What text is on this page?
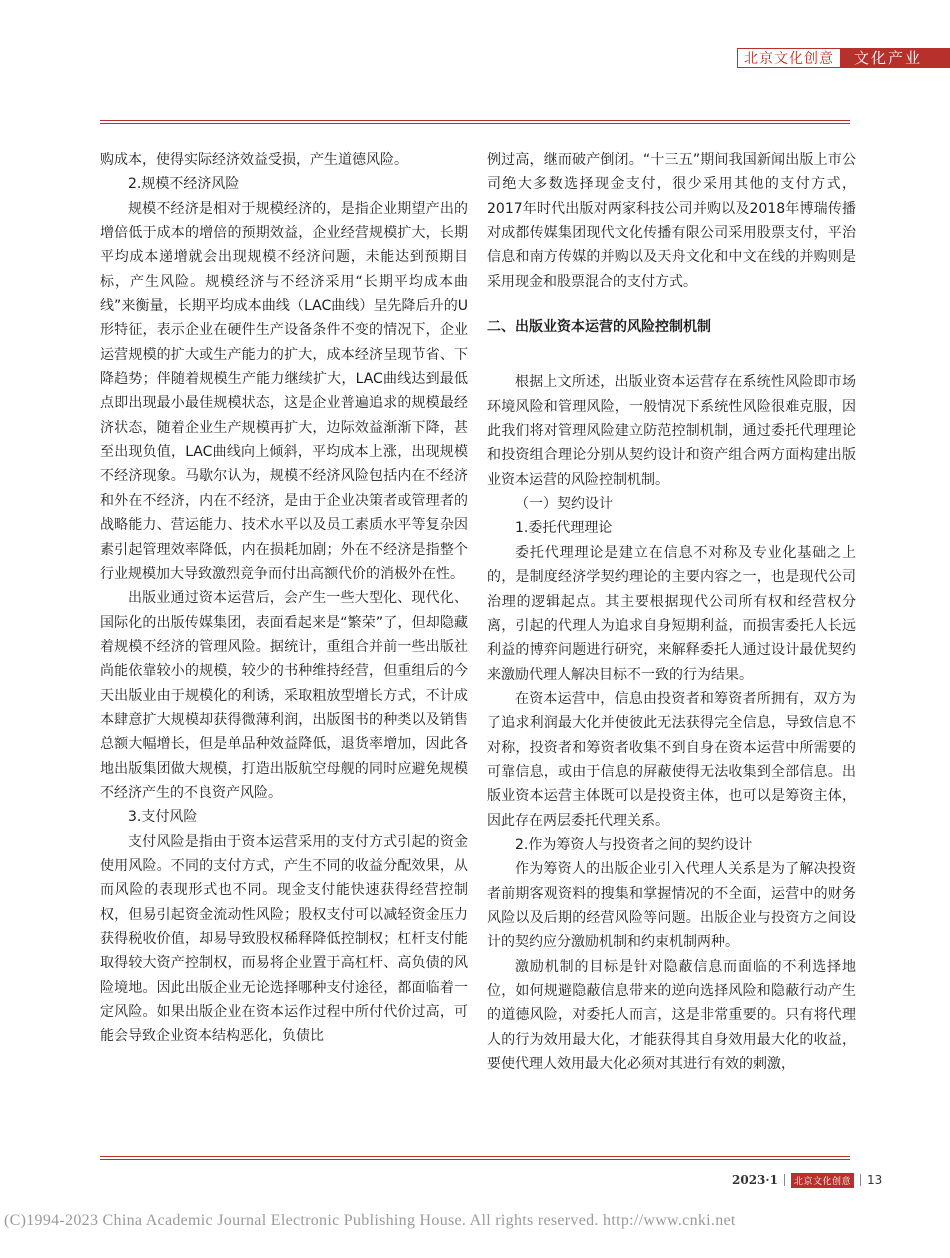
北京文化创意	文化产业

购成本，使得实际经济效益受损，产生道德风险。

2.规模不经济风险

规模不经济是相对于规模经济的，是指企业期望产出的增倍低于成本的增倍的预期效益，企业经营规模扩大，长期平均成本递增就会出现规模不经济问题，未能达到预期目标，产生风险。规模经济与不经济采用“长期平均成本曲线”来衡量，长期平均成本曲线（LAC曲线）呈先降后升的U形特征，表示企业在硬件生产设备条件不变的情况下，企业运营规模的扩大或生产能力的扩大，成本经济呈现节省、下降趋势；伴随着规模生产能力继续扩大，LAC曲线达到最低点即出现最小最佳规模状态，这是企业普遍追求的规模最经济状态，随着企业生产规模再扩大，边际效益渐渐下降，甚至出现负值，LAC曲线向上倾斜，平均成本上涨，出现规模不经济现象。马歇尔认为，规模不经济风险包括内在不经济和外在不经济，内在不经济，是由于企业决策者或管理者的战略能力、营运能力、技术水平以及员工素质水平等复杂因素引起管理效率降低，内在损耗加剧；外在不经济是指整个行业规模加大导致激烈竞争而付出高额代价的消极外在性。

出版业通过资本运营后，会产生一些大型化、现代化、国际化的出版传媒集团，表面看起来是“繁荣”了，但却隐藏着规模不经济的管理风险。据统计，重组合并前一些出版社尚能依靠较小的规模，较少的书种维持经营，但重组后的今天出版业由于规模化的利诱，采取粗放型增长方式，不计成本肆意扩大规模却获得微薄利润，出版图书的种类以及销售总额大幅增长，但是单品种效益降低，退货率增加，因此各地出版集团做大规模，打造出版航空母舰的同时应避免规模不经济产生的不良资产风险。

3.支付风险

支付风险是指由于资本运营采用的支付方式引起的资金使用风险。不同的支付方式，产生不同的收益分配效果，从而风险的表现形式也不同。现金支付能快速获得经营控制权，但易引起资金流动性风险；股权支付可以减轻资金压力获得税收价值，却易导致股权稀释降低控制权；杠杆支付能取得较大资产控制权，而易将企业置于高杠杆、高负债的风险境地。因此出版企业无论选择哪种支付途径，都面临着一定风险。如果出版企业在资本运作过程中所付代价过高，可能会导致企业资本结构恶化，负债比

例过高，继而破产倒闭。“十三五”期间我国新闻出版上市公司绝大多数选择现金支付，很少采用其他的支付方式，2017年时代出版对两家科技公司并购以及2018年博瑞传播对成都传媒集团现代文化传播有限公司采用股票支付，平治信息和南方传媒的并购以及天舟文化和中文在线的并购则是采用现金和股票混合的支付方式。

二、出版业资本运营的风险控制机制

根据上文所述，出版业资本运营存在系统性风险即市场环境风险和管理风险，一般情况下系统性风险很难克服，因此我们将对管理风险建立防范控制机制，通过委托代理理论和投资组合理论分别从契约设计和资产组合两方面构建出版业资本运营的风险控制机制。

（一）契约设计

1.委托代理理论

委托代理理论是建立在信息不对称及专业化基础之上的，是制度经济学契约理论的主要内容之一，也是现代公司治理的逻辑起点。其主要根据现代公司所有权和经营权分离，引起的代理人为追求自身短期利益，而损害委托人长远利益的博弈问题进行研究，来解释委托人通过设计最优契约来激励代理人解决目标不一致的行为结果。

在资本运营中，信息由投资者和筹资者所拥有，双方为了追求利润最大化并使彼此无法获得完全信息，导致信息不对称，投资者和筹资者收集不到自身在资本运营中所需要的可靠信息，或由于信息的屏蔽使得无法收集到全部信息。出版业资本运营主体既可以是投资主体，也可以是筹资主体，因此存在两层委托代理关系。

2.作为筹资人与投资者之间的契约设计

作为筹资人的出版企业引入代理人关系是为了解决投资者前期客观资料的搜集和掌握情况的不全面，运营中的财务风险以及后期的经营风险等问题。出版企业与投资方之间设计的契约应分激励机制和约束机制两种。

激励机制的目标是针对隐蔽信息而面临的不利选择地位，如何规避隐蔽信息带来的逆向选择风险和隐蔽行动产生的道德风险，对委托人而言，这是非常重要的。只有将代理人的行为效用最大化，才能获得其自身效用最大化的收益，要使代理人效用最大化必须对其进行有效的刺激，

2023·1	北京文化创意 13
(C)1994-2023 China Academic Journal Electronic Publishing House. All rights reserved. http://www.cnki.net
